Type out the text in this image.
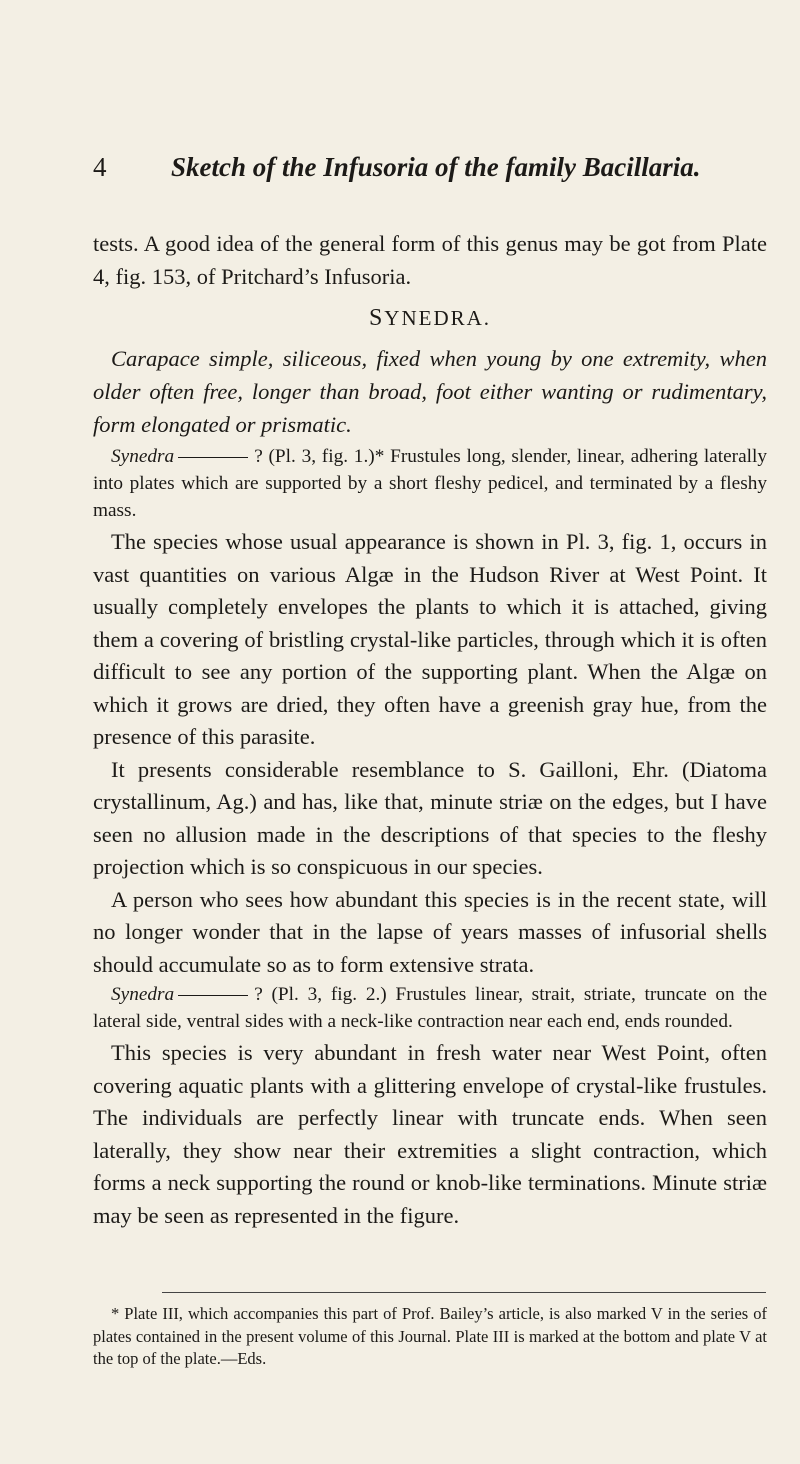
4 Sketch of the Infusoria of the family Bacillaria.

tests. A good idea of the general form of this genus may be got from Plate 4, fig. 153, of Pritchard’s Infusoria.

SYNEDRA.

Carapace simple, siliceous, fixed when young by one extremity, when older often free, longer than broad, foot either wanting or rudimentary, form elongated or prismatic.

Synedra	? (Pl. 3, fig. 1.)* Frustules long, slender, linear, adhering laterally into plates which are supported by a short fleshy pedicel, and terminated by a fleshy mass.

The species whose usual appearance is shown in Pl. 3, fig. 1, occurs in vast quantities on various Algæ in the Hudson River at West Point. It usually completely envelopes the plants to which it is attached, giving them a covering of bristling crystal-like particles, through which it is often difficult to see any portion of the supporting plant. When the Algæ on which it grows are dried, they often have a greenish gray hue, from the presence of this parasite.

It presents considerable resemblance to S. Gailloni, Ehr. (Diatoma crystallinum, Ag.) and has, like that, minute striæ on the edges, but I have seen no allusion made in the descriptions of that species to the fleshy projection which is so conspicuous in our species.

A person who sees how abundant this species is in the recent state, will no longer wonder that in the lapse of years masses of infusorial shells should accumulate so as to form extensive strata.

Synedra	? (Pl. 3, fig. 2.) Frustules linear, strait, striate, truncate on the lateral side, ventral sides with a neck-like contraction near each end, ends rounded.

This species is very abundant in fresh water near West Point, often covering aquatic plants with a glittering envelope of crystal-like frustules. The individuals are perfectly linear with truncate ends. When seen laterally, they show near their extremities a slight contraction, which forms a neck supporting the round or knob-like terminations. Minute striæ may be seen as represented in the figure.

* Plate III, which accompanies this part of Prof. Bailey’s article, is also marked V in the series of plates contained in the present volume of this Journal. Plate III is marked at the bottom and plate V at the top of the plate.—Eds.
